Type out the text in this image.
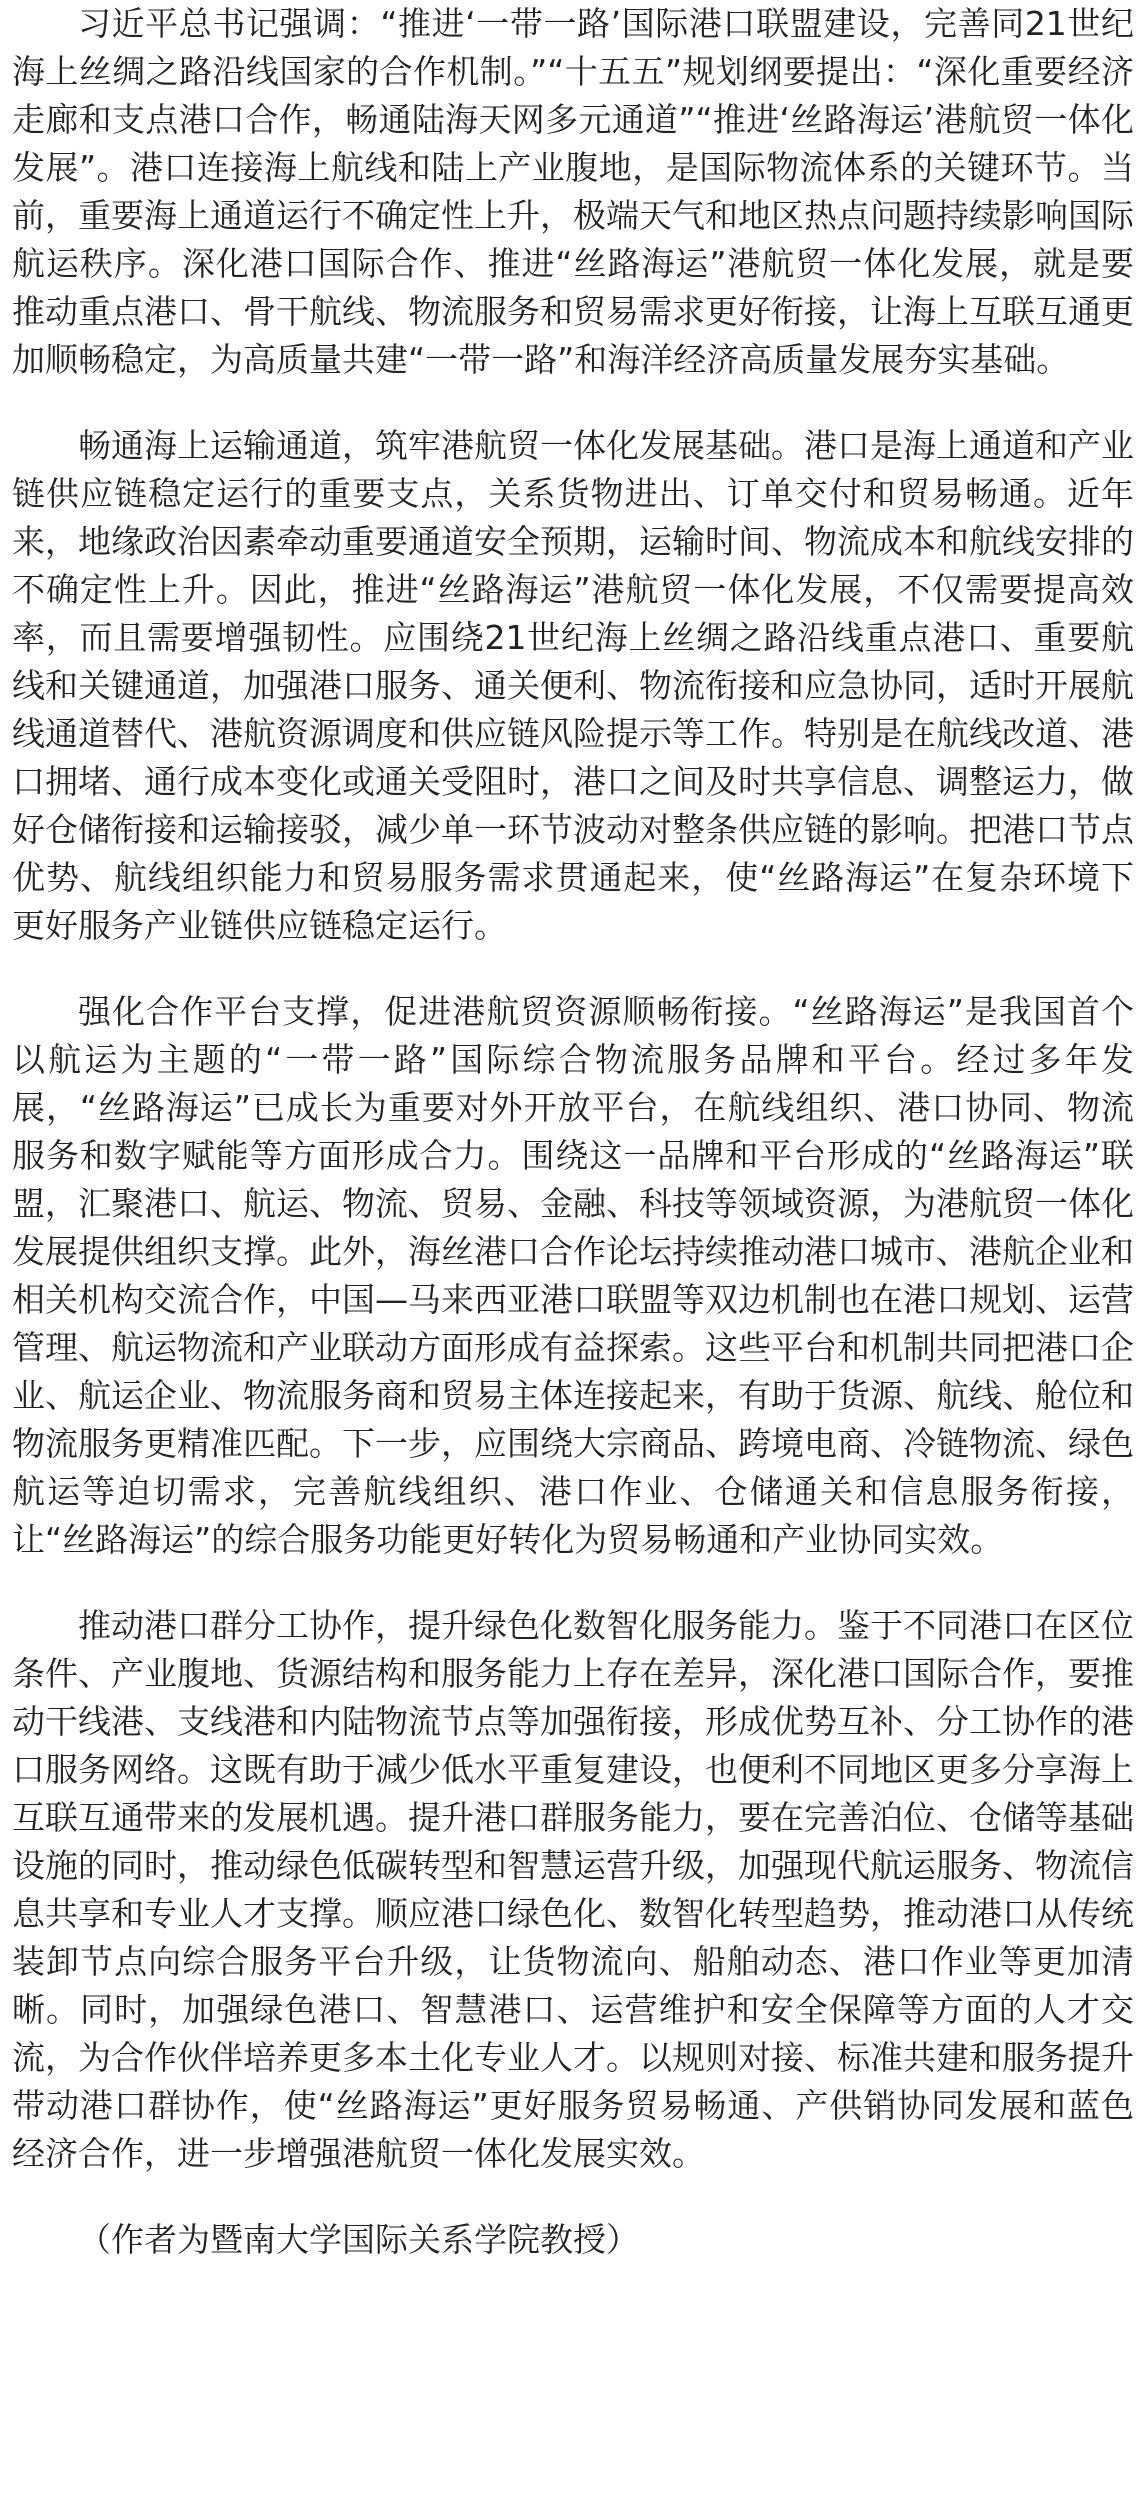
习近平总书记强调：“推进‘一带一路’国际港口联盟建设，完善同21世纪海上丝绸之路沿线国家的合作机制。”“十五五”规划纲要提出：“深化重要经济走廊和支点港口合作，畅通陆海天网多元通道”“推进‘丝路海运’港航贸一体化发展”。港口连接海上航线和陆上产业腹地，是国际物流体系的关键环节。当前，重要海上通道运行不确定性上升，极端天气和地区热点问题持续影响国际航运秩序。深化港口国际合作、推进“丝路海运”港航贸一体化发展，就是要推动重点港口、骨干航线、物流服务和贸易需求更好衔接，让海上互联互通更加顺畅稳定，为高质量共建“一带一路”和海洋经济高质量发展夯实基础。

畅通海上运输通道，筑牢港航贸一体化发展基础。港口是海上通道和产业链供应链稳定运行的重要支点，关系货物进出、订单交付和贸易畅通。近年来，地缘政治因素牵动重要通道安全预期，运输时间、物流成本和航线安排的不确定性上升。因此，推进“丝路海运”港航贸一体化发展，不仅需要提高效率，而且需要增强韧性。应围绕21世纪海上丝绸之路沿线重点港口、重要航线和关键通道，加强港口服务、通关便利、物流衔接和应急协同，适时开展航线通道替代、港航资源调度和供应链风险提示等工作。特别是在航线改道、港口拥堵、通行成本变化或通关受阻时，港口之间及时共享信息、调整运力，做好仓储衔接和运输接驳，减少单一环节波动对整条供应链的影响。把港口节点优势、航线组织能力和贸易服务需求贯通起来，使“丝路海运”在复杂环境下更好服务产业链供应链稳定运行。

强化合作平台支撑，促进港航贸资源顺畅衔接。“丝路海运”是我国首个以航运为主题的“一带一路”国际综合物流服务品牌和平台。经过多年发展，“丝路海运”已成长为重要对外开放平台，在航线组织、港口协同、物流服务和数字赋能等方面形成合力。围绕这一品牌和平台形成的“丝路海运”联盟，汇聚港口、航运、物流、贸易、金融、科技等领域资源，为港航贸一体化发展提供组织支撑。此外，海丝港口合作论坛持续推动港口城市、港航企业和相关机构交流合作，中国—马来西亚港口联盟等双边机制也在港口规划、运营管理、航运物流和产业联动方面形成有益探索。这些平台和机制共同把港口企业、航运企业、物流服务商和贸易主体连接起来，有助于货源、航线、舱位和物流服务更精准匹配。下一步，应围绕大宗商品、跨境电商、冷链物流、绿色航运等迫切需求，完善航线组织、港口作业、仓储通关和信息服务衔接，让“丝路海运”的综合服务功能更好转化为贸易畅通和产业协同实效。

推动港口群分工协作，提升绿色化数智化服务能力。鉴于不同港口在区位条件、产业腹地、货源结构和服务能力上存在差异，深化港口国际合作，要推动干线港、支线港和内陆物流节点等加强衔接，形成优势互补、分工协作的港口服务网络。这既有助于减少低水平重复建设，也便利不同地区更多分享海上互联互通带来的发展机遇。提升港口群服务能力，要在完善泊位、仓储等基础设施的同时，推动绿色低碳转型和智慧运营升级，加强现代航运服务、物流信息共享和专业人才支撑。顺应港口绿色化、数智化转型趋势，推动港口从传统装卸节点向综合服务平台升级，让货物流向、船舶动态、港口作业等更加清晰。同时，加强绿色港口、智慧港口、运营维护和安全保障等方面的人才交流，为合作伙伴培养更多本土化专业人才。以规则对接、标准共建和服务提升带动港口群协作，使“丝路海运”更好服务贸易畅通、产供销协同发展和蓝色经济合作，进一步增强港航贸一体化发展实效。

（作者为暨南大学国际关系学院教授）
